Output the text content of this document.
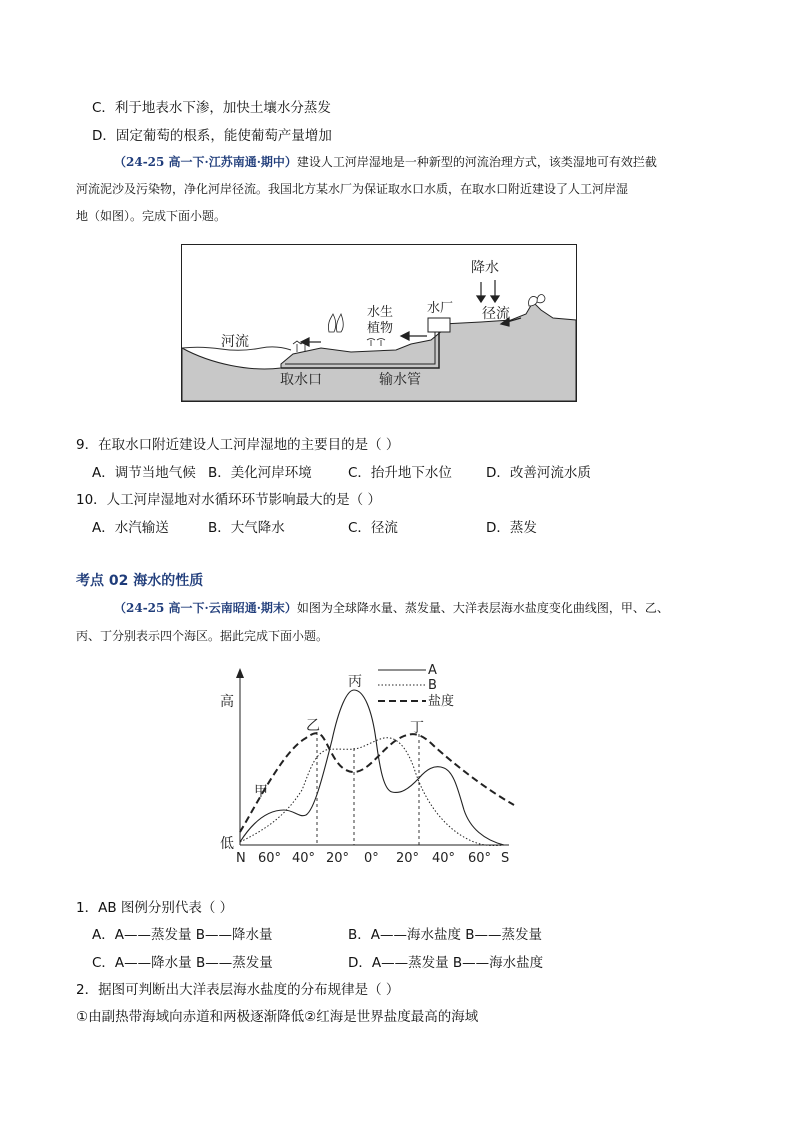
C．利于地表水下渗，加快土壤水分蒸发
D．固定葡萄的根系，能使葡萄产量增加
（24-25 高一下·江苏南通·期中）建设人工河岸湿地是一种新型的河流治理方式，该类湿地可有效拦截
河流泥沙及污染物，净化河岸径流。我国北方某水厂为保证取水口水质，在取水口附近建设了人工河岸湿
地（如图）。完成下面小题。
河流
水生
植物
水厂
降水
径流
取水口	输水管
9．在取水口附近建设人工河岸湿地的主要目的是（ ）
A．调节当地气候 B．美化河岸环境	C．抬升地下水位	D．改善河流水质
10．人工河岸湿地对水循环环节影响最大的是（ ）
A．水汽输送	B．大气降水	C．径流	D．蒸发
考点 02 海水的性质
（24-25 高一下·云南昭通·期末）如图为全球降水量、蒸发量、大洋表层海水盐度变化曲线图，甲、乙、
丙、丁分别表示四个海区。据此完成下面小题。
A
B
盐度
高
低
甲
乙
丙
丁
N 60° 40° 20° 0° 20° 40° 60° S
1．AB 图例分别代表（ ）
A．A——蒸发量 B——降水量	B．A——海水盐度 B——蒸发量
C．A——降水量 B——蒸发量	D．A——蒸发量 B——海水盐度
2．据图可判断出大洋表层海水盐度的分布规律是（ ）
①由副热带海域向赤道和两极逐渐降低②红海是世界盐度最高的海域
